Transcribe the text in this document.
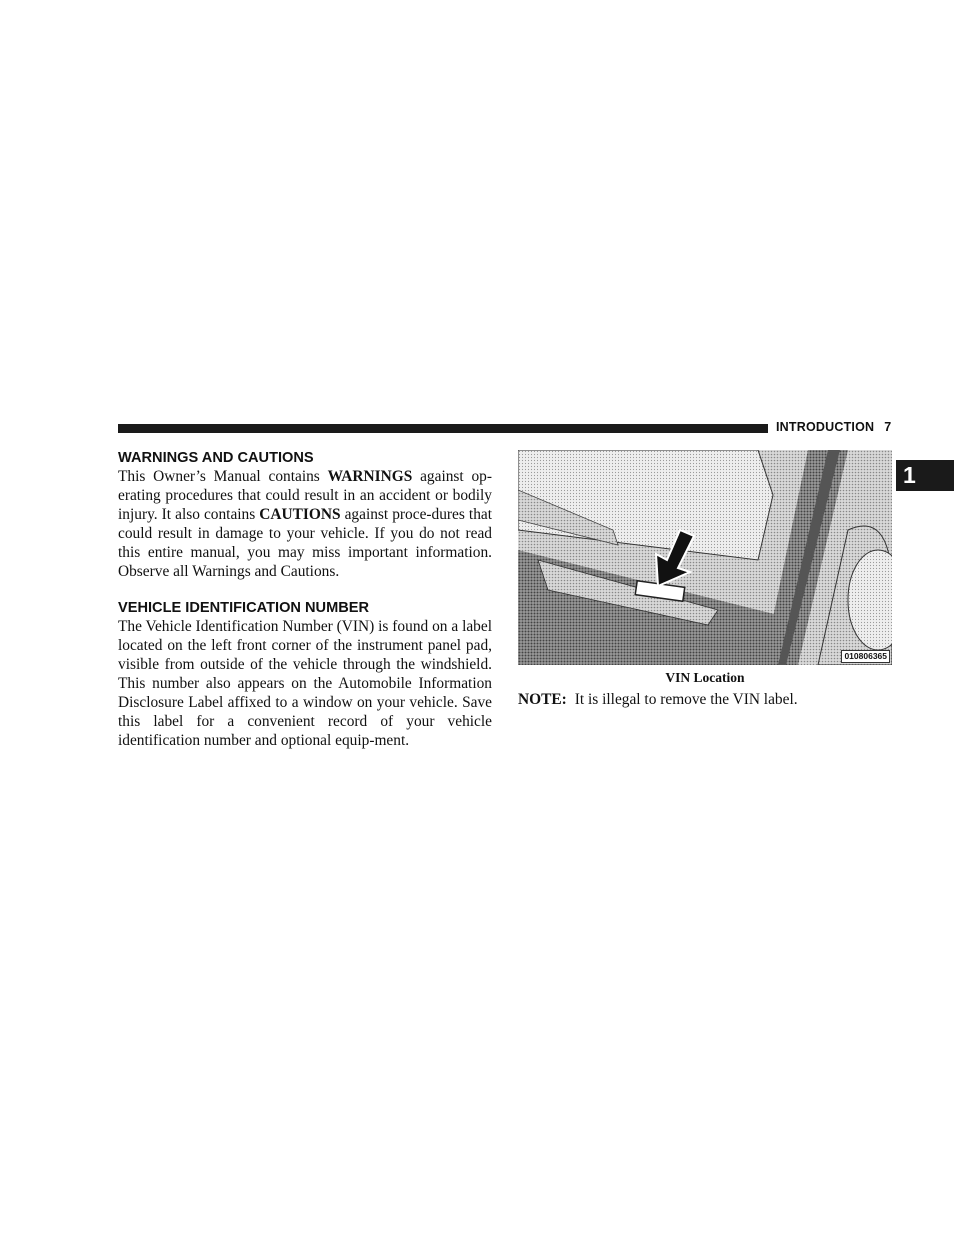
INTRODUCTION 7
1
WARNINGS AND CAUTIONS

This Owner’s Manual contains WARNINGS against op-erating procedures that could result in an accident or bodily injury. It also contains CAUTIONS against proce-dures that could result in damage to your vehicle. If you do not read this entire manual, you may miss important information. Observe all Warnings and Cautions.

VEHICLE IDENTIFICATION NUMBER

The Vehicle Identification Number (VIN) is found on a label located on the left front corner of the instrument panel pad, visible from outside of the vehicle through the windshield. This number also appears on the Automobile Information Disclosure Label affixed to a window on your vehicle. Save this label for a convenient record of your vehicle identification number and optional equip-ment.

010806365
VIN Location
NOTE: It is illegal to remove the VIN label.
